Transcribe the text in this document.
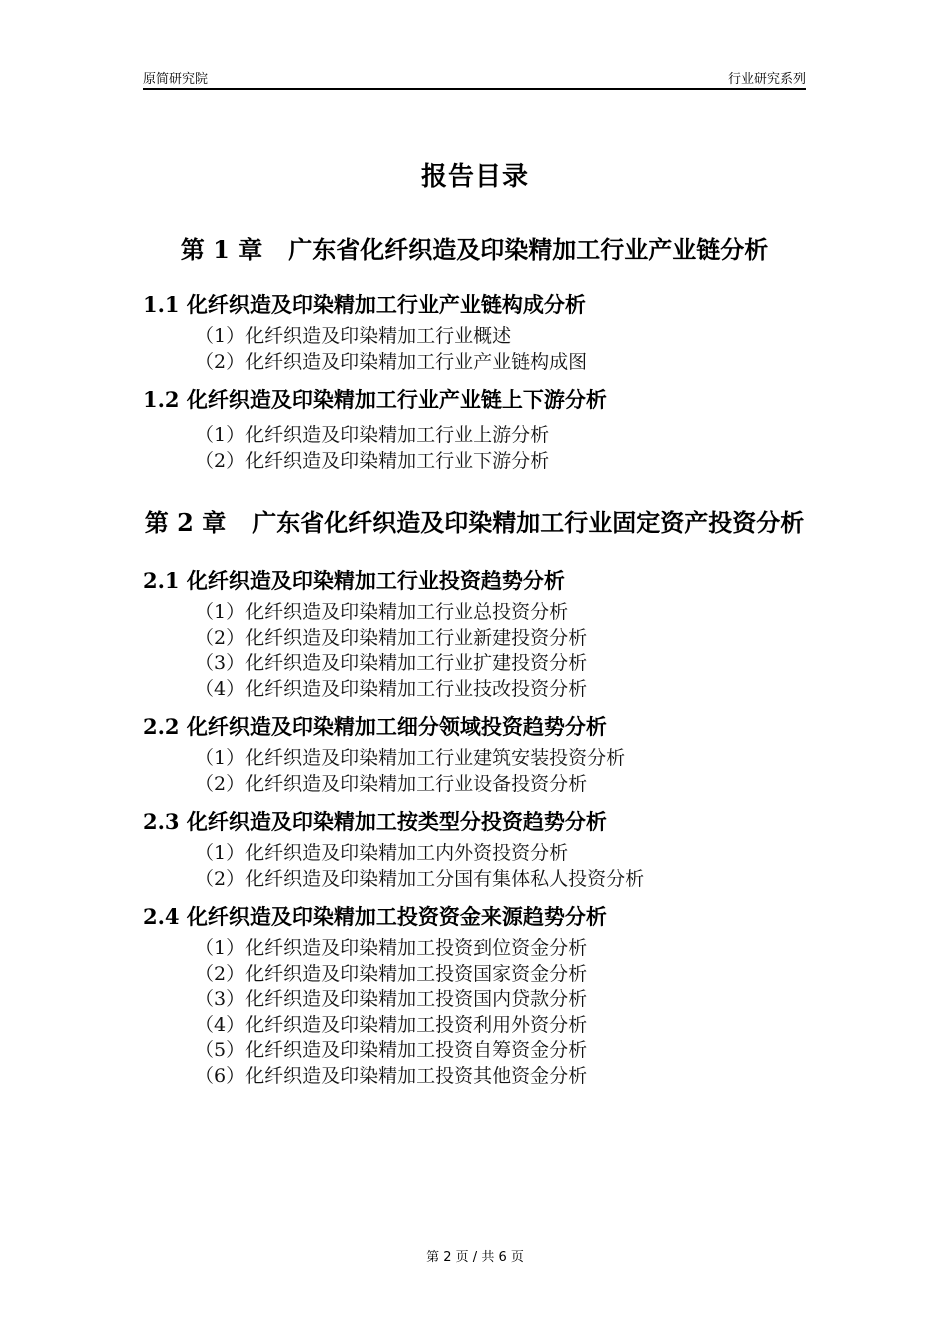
原简研究院	行业研究系列
报告目录
第 1 章 广东省化纤织造及印染精加工行业产业链分析
1.1 化纤织造及印染精加工行业产业链构成分析
（1）化纤织造及印染精加工行业概述
（2）化纤织造及印染精加工行业产业链构成图
1.2 化纤织造及印染精加工行业产业链上下游分析
（1）化纤织造及印染精加工行业上游分析
（2）化纤织造及印染精加工行业下游分析
第 2 章 广东省化纤织造及印染精加工行业固定资产投资分析
2.1 化纤织造及印染精加工行业投资趋势分析
（1）化纤织造及印染精加工行业总投资分析
（2）化纤织造及印染精加工行业新建投资分析
（3）化纤织造及印染精加工行业扩建投资分析
（4）化纤织造及印染精加工行业技改投资分析
2.2 化纤织造及印染精加工细分领域投资趋势分析
（1）化纤织造及印染精加工行业建筑安装投资分析
（2）化纤织造及印染精加工行业设备投资分析
2.3 化纤织造及印染精加工按类型分投资趋势分析
（1）化纤织造及印染精加工内外资投资分析
（2）化纤织造及印染精加工分国有集体私人投资分析
2.4 化纤织造及印染精加工投资资金来源趋势分析
（1）化纤织造及印染精加工投资到位资金分析
（2）化纤织造及印染精加工投资国家资金分析
（3）化纤织造及印染精加工投资国内贷款分析
（4）化纤织造及印染精加工投资利用外资分析
（5）化纤织造及印染精加工投资自筹资金分析
（6）化纤织造及印染精加工投资其他资金分析
第 2 页 / 共 6 页
